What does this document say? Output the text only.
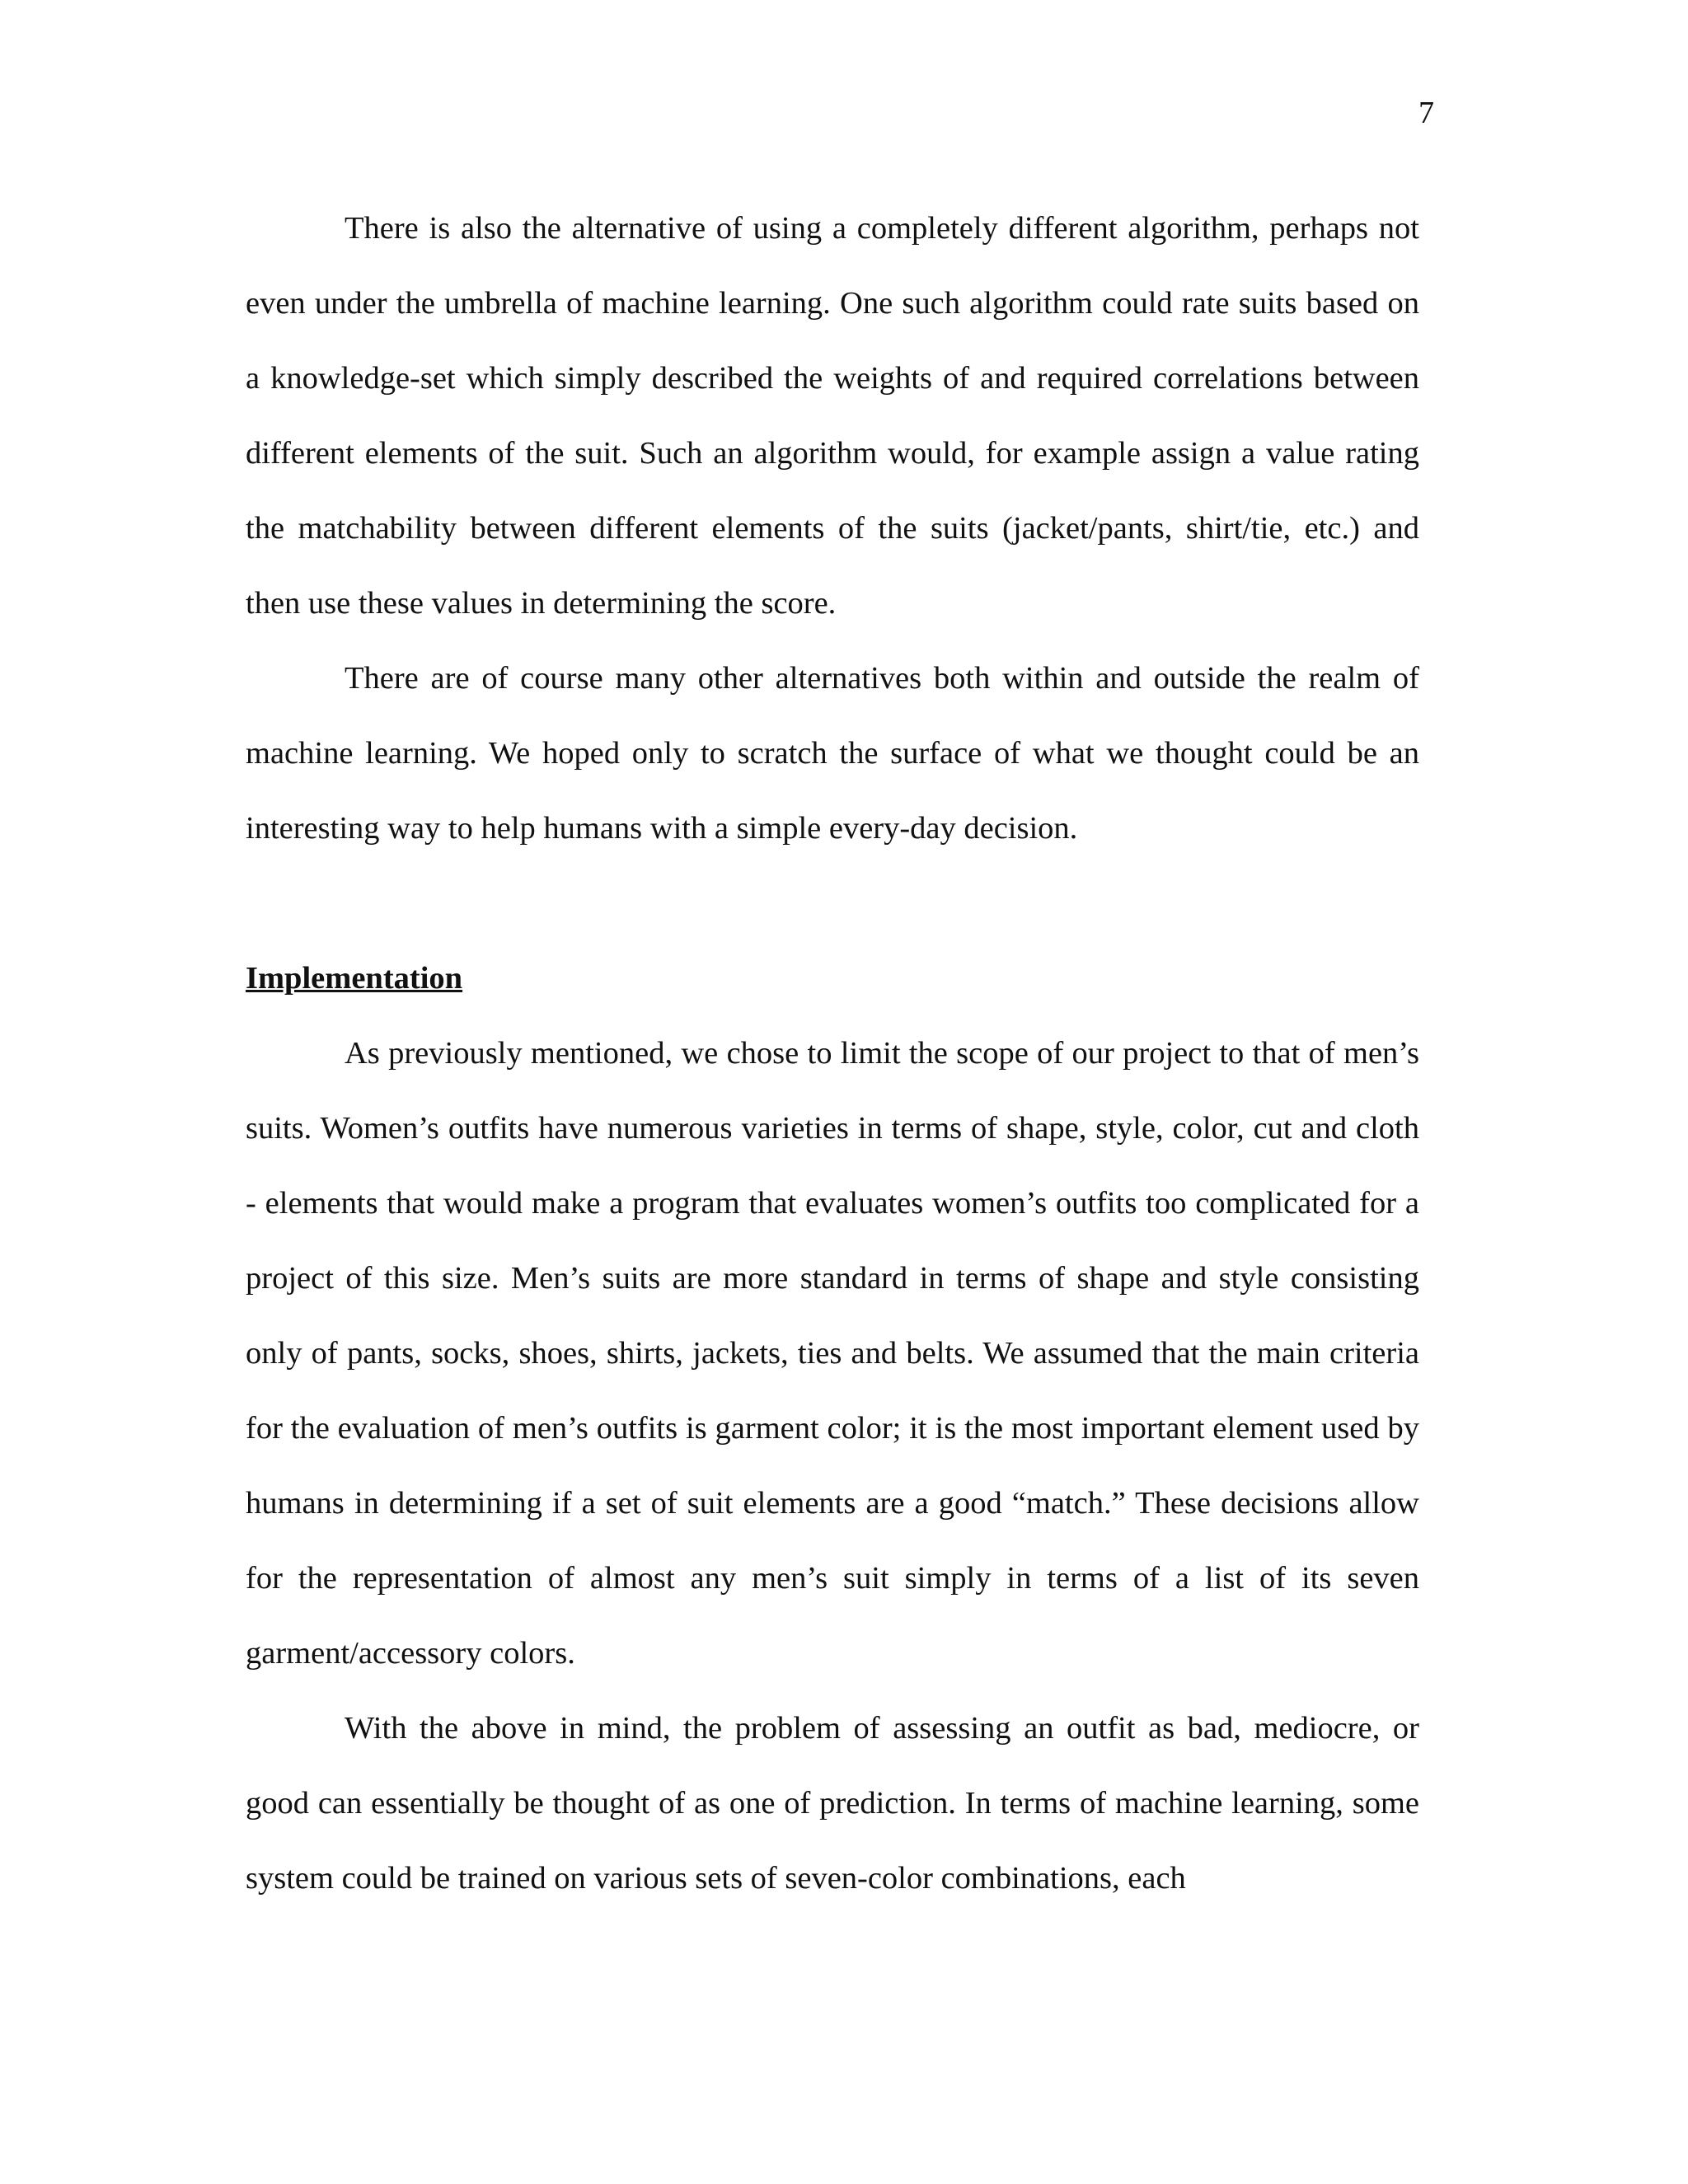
7

There is also the alternative of using a completely different algorithm, perhaps not even under the umbrella of machine learning. One such algorithm could rate suits based on a knowledge-set which simply described the weights of and required correlations between different elements of the suit. Such an algorithm would, for example assign a value rating the matchability between different elements of the suits (jacket/pants, shirt/tie, etc.) and then use these values in determining the score.

There are of course many other alternatives both within and outside the realm of machine learning. We hoped only to scratch the surface of what we thought could be an interesting way to help humans with a simple every-day decision.

Implementation

As previously mentioned, we chose to limit the scope of our project to that of men’s suits. Women’s outfits have numerous varieties in terms of shape, style, color, cut and cloth - elements that would make a program that evaluates women’s outfits too complicated for a project of this size. Men’s suits are more standard in terms of shape and style consisting only of pants, socks, shoes, shirts, jackets, ties and belts. We assumed that the main criteria for the evaluation of men’s outfits is garment color; it is the most important element used by humans in determining if a set of suit elements are a good “match.” These decisions allow for the representation of almost any men’s suit simply in terms of a list of its seven garment/accessory colors.

With the above in mind, the problem of assessing an outfit as bad, mediocre, or good can essentially be thought of as one of prediction. In terms of machine learning, some system could be trained on various sets of seven-color combinations, each
